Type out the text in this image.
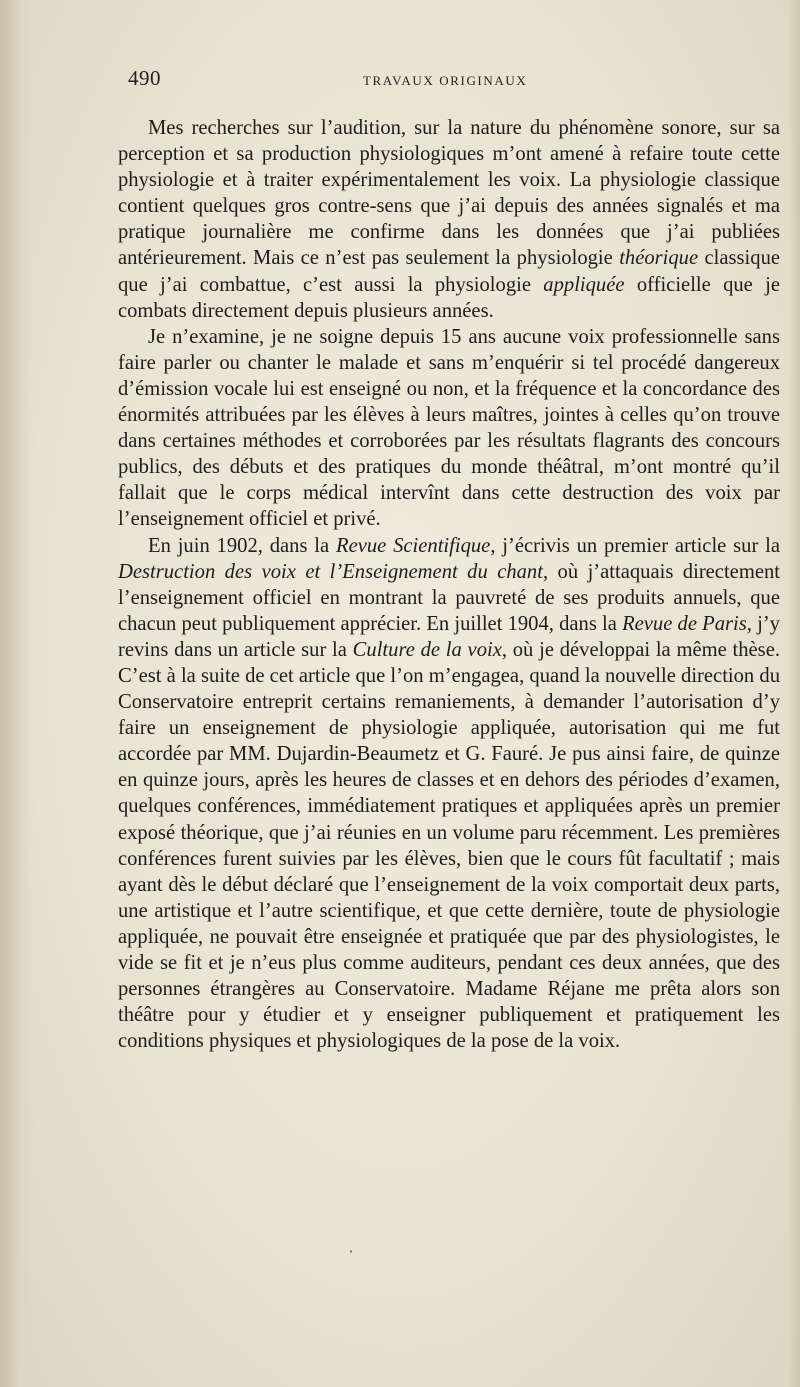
490	TRAVAUX ORIGINAUX

Mes recherches sur l’audition, sur la nature du phénomène sonore, sur sa perception et sa production physiologiques m’ont amené à refaire toute cette physiologie et à traiter expérimentalement les voix. La physiologie classique contient quelques gros contre-sens que j’ai depuis des années signalés et ma pratique journalière me confirme dans les données que j’ai publiées antérieurement. Mais ce n’est pas seulement la physiologie théorique classique que j’ai combattue, c’est aussi la physiologie appliquée officielle que je combats directement depuis plusieurs années.

Je n’examine, je ne soigne depuis 15 ans aucune voix professionnelle sans faire parler ou chanter le malade et sans m’enquérir si tel procédé dangereux d’émission vocale lui est enseigné ou non, et la fréquence et la concordance des énormités attribuées par les élèves à leurs maîtres, jointes à celles qu’on trouve dans certaines méthodes et corroborées par les résultats flagrants des concours publics, des débuts et des pratiques du monde théâtral, m’ont montré qu’il fallait que le corps médical intervînt dans cette destruction des voix par l’enseignement officiel et privé.

En juin 1902, dans la Revue Scientifique, j’écrivis un premier article sur la Destruction des voix et l’Enseignement du chant, où j’attaquais directement l’enseignement officiel en montrant la pauvreté de ses produits annuels, que chacun peut publiquement apprécier. En juillet 1904, dans la Revue de Paris, j’y revins dans un article sur la Culture de la voix, où je développai la même thèse. C’est à la suite de cet article que l’on m’engagea, quand la nouvelle direction du Conservatoire entreprit certains remaniements, à demander l’autorisation d’y faire un enseignement de physiologie appliquée, autorisation qui me fut accordée par MM. Dujardin-Beaumetz et G. Fauré. Je pus ainsi faire, de quinze en quinze jours, après les heures de classes et en dehors des périodes d’examen, quelques conférences, immédiatement pratiques et appliquées après un premier exposé théorique, que j’ai réunies en un volume paru récemment. Les premières conférences furent suivies par les élèves, bien que le cours fût facultatif ; mais ayant dès le début déclaré que l’enseignement de la voix comportait deux parts, une artistique et l’autre scientifique, et que cette dernière, toute de physiologie appliquée, ne pouvait être enseignée et pratiquée que par des physiologistes, le vide se fit et je n’eus plus comme auditeurs, pendant ces deux années, que des personnes étrangères au Conservatoire. Madame Réjane me prêta alors son théâtre pour y étudier et y enseigner publiquement et pratiquement les conditions physiques et physiologiques de la pose de la voix.
